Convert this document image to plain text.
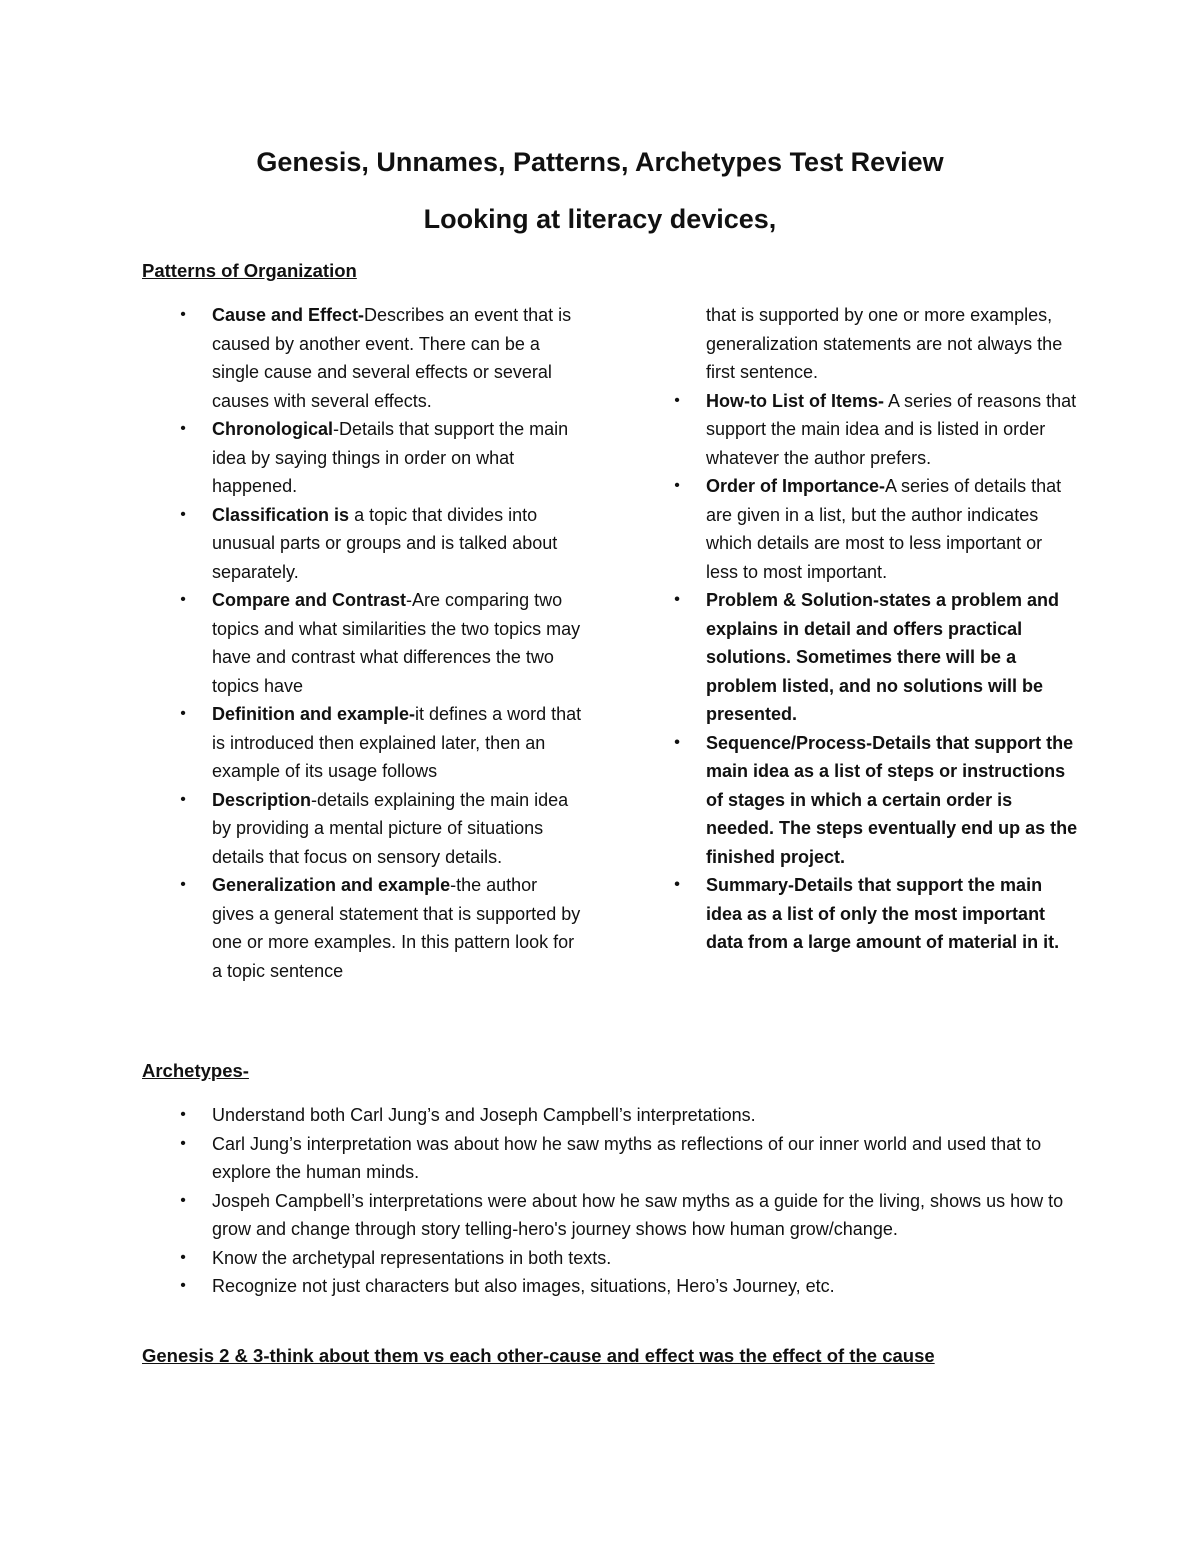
Genesis, Unnames, Patterns, Archetypes Test Review
Looking at literacy devices,
Patterns of Organization
• Cause and Effect-Describes an event that is caused by another event. There can be a single cause and several effects or several causes with several effects.
• Chronological-Details that support the main idea by saying things in order on what happened.
• Classification is a topic that divides into unusual parts or groups and is talked about separately.
• Compare and Contrast-Are comparing two topics and what similarities the two topics may have and contrast what differences the two topics have
• Definition and example-it defines a word that is introduced then explained later, then an example of its usage follows
• Description-details explaining the main idea by providing a mental picture of situations details that focus on sensory details.
• Generalization and example-the author gives a general statement that is supported by one or more examples. In this pattern look for a topic sentence
that is supported by one or more examples, generalization statements are not always the first sentence.
• How-to List of Items- A series of reasons that support the main idea and is listed in order whatever the author prefers.
• Order of Importance-A series of details that are given in a list, but the author indicates which details are most to less important or less to most important.
• Problem & Solution-states a problem and explains in detail and offers practical solutions. Sometimes there will be a problem listed, and no solutions will be presented.
• Sequence/Process-Details that support the main idea as a list of steps or instructions of stages in which a certain order is needed. The steps eventually end up as the finished project.
• Summary-Details that support the main idea as a list of only the most important data from a large amount of material in it.
Archetypes-
• Understand both Carl Jung’s and Joseph Campbell’s interpretations.
• Carl Jung’s interpretation was about how he saw myths as reflections of our inner world and used that to explore the human minds.
• Jospeh Campbell’s interpretations were about how he saw myths as a guide for the living, shows us how to grow and change through story telling-hero's journey shows how human grow/change.
• Know the archetypal representations in both texts.
• Recognize not just characters but also images, situations, Hero’s Journey, etc.
Genesis 2 & 3-think about them vs each other-cause and effect was the effect of the cause
